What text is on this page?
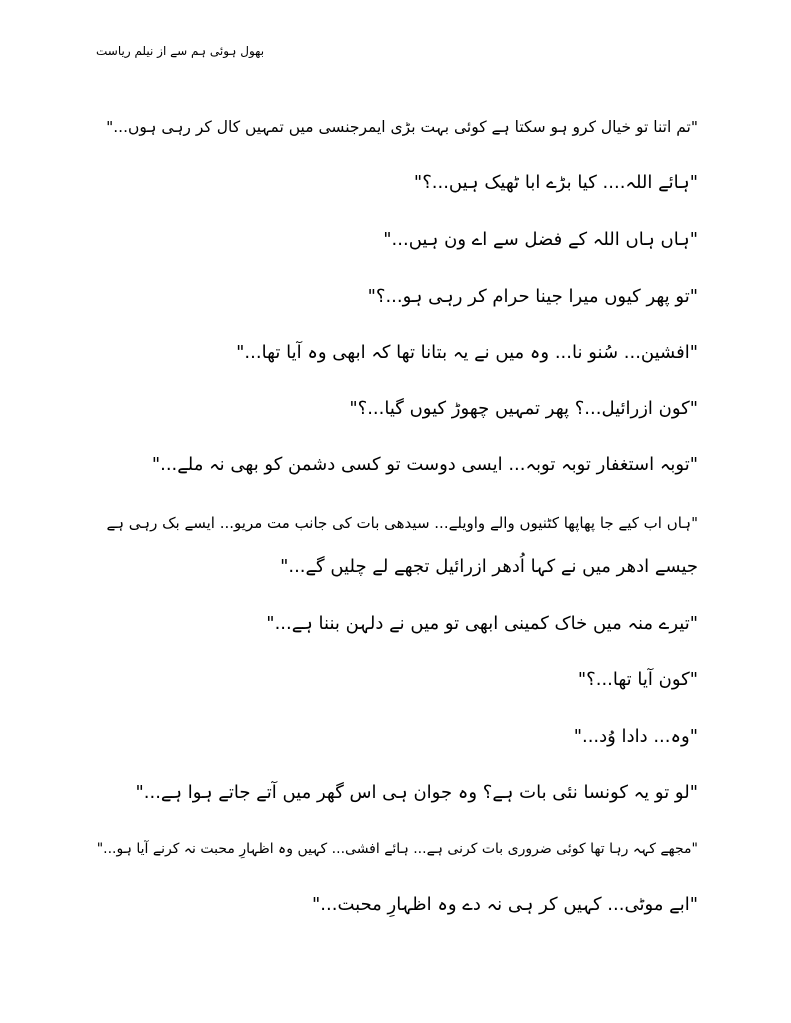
بھول ہوئی ہم سے از نیلم ریاست
"تم اتنا تو خیال کرو ہو سکتا ہے کوئی بہت بڑی ایمرجنسی میں تمہیں کال کر رہی ہوں..."
"ہائے اللہ.... کیا بڑے ابا ٹھیک ہیں...؟"
"ہاں ہاں اللہ کے فضل سے اے ون ہیں..."
"تو پھر کیوں میرا جینا حرام کر رہی ہو...؟"
"افشین... سُنو نا... وہ میں نے یہ بتانا تھا کہ ابھی وہ آیا تھا..."
"کون ازرائیل...؟ پھر تمہیں چھوڑ کیوں گیا...؟"
"توبہ استغفار توبہ توبہ... ایسی دوست تو کسی دشمن کو بھی نہ ملے..."
"ہاں اب کیے جا پھاپھا کٹنیوں والے واویلے... سیدھی بات کی جانب مت مریو... ایسے بک رہی ہے
جیسے ادھر میں نے کہا اُدھر ازرائیل تجھے لے چلیں گے..."
"تیرے منہ میں خاک کمینی ابھی تو میں نے دلہن بننا ہے..."
"کون آیا تھا...؟"
"وہ... دادا وُد..."
"لو تو یہ کونسا نئی بات ہے؟ وہ جوان ہی اس گھر میں آتے جاتے ہوا ہے..."
"مجھے کہہ رہا تھا کوئی ضروری بات کرنی ہے... ہائے افشی... کہیں وہ اظہارِ محبت نہ کرنے آیا ہو..."
"ابے موٹی... کہیں کر ہی نہ دے وہ اظہارِ محبت..."
